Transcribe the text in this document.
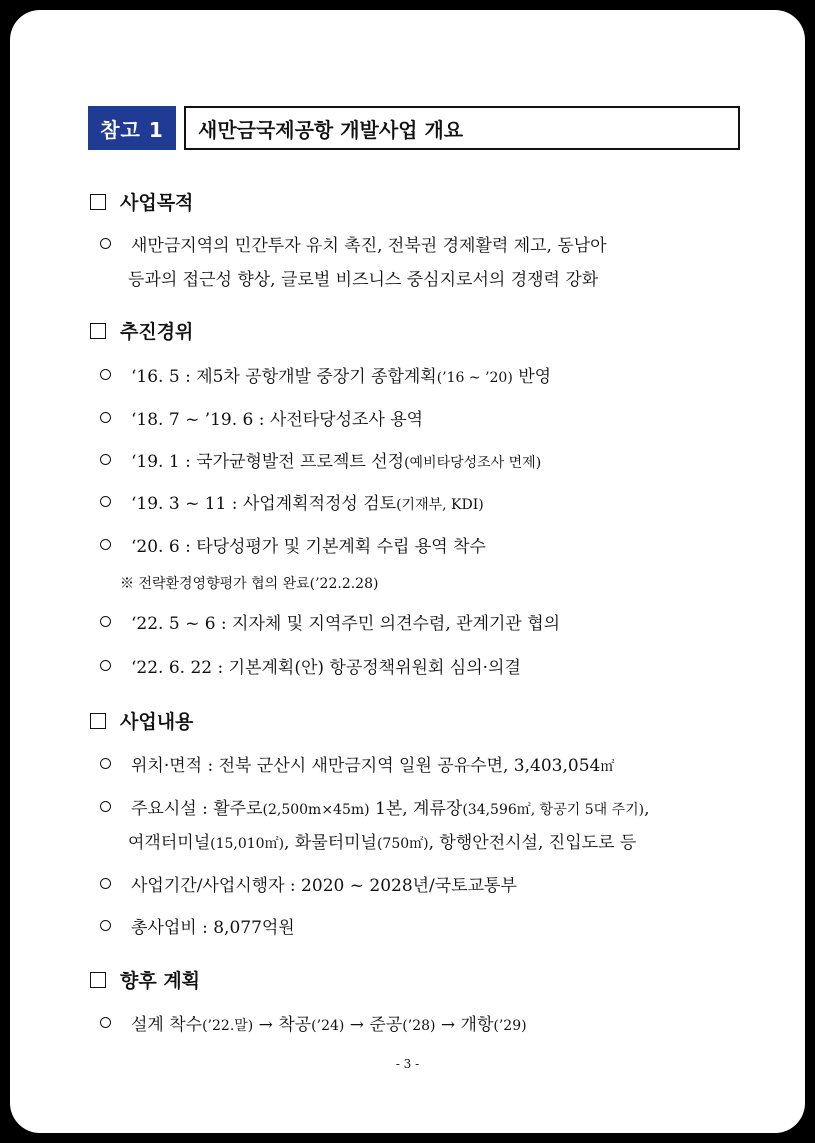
참고 1	새만금국제공항 개발사업 개요
사업목적
새만금지역의 민간투자 유치 촉진, 전북권 경제활력 제고, 동남아
등과의 접근성 향상, 글로벌 비즈니스 중심지로서의 경쟁력 강화
추진경위
‘16. 5 : 제5차 공항개발 중장기 종합계획(’16 ~ ’20) 반영
‘18. 7 ~ ’19. 6 : 사전타당성조사 용역
‘19. 1 : 국가균형발전 프로젝트 선정(예비타당성조사 면제)
‘19. 3 ~ 11 : 사업계획적정성 검토(기재부, KDI)
‘20. 6 : 타당성평가 및 기본계획 수립 용역 착수
※ 전략환경영향평가 협의 완료(’22.2.28)
‘22. 5 ~ 6 : 지자체 및 지역주민 의견수렴, 관계기관 협의
‘22. 6. 22 : 기본계획(안) 항공정책위원회 심의·의결
사업내용
위치·면적 : 전북 군산시 새만금지역 일원 공유수면, 3,403,054㎡
주요시설 : 활주로(2,500m×45m) 1본, 계류장(34,596㎡, 항공기 5대 주기),
여객터미널(15,010㎡), 화물터미널(750㎡), 항행안전시설, 진입도로 등
사업기간/사업시행자 : 2020 ~ 2028년/국토교통부
총사업비 : 8,077억원
향후 계획
설계 착수(’22.말) → 착공(’24) → 준공(’28) → 개항(’29)
- 3 -
